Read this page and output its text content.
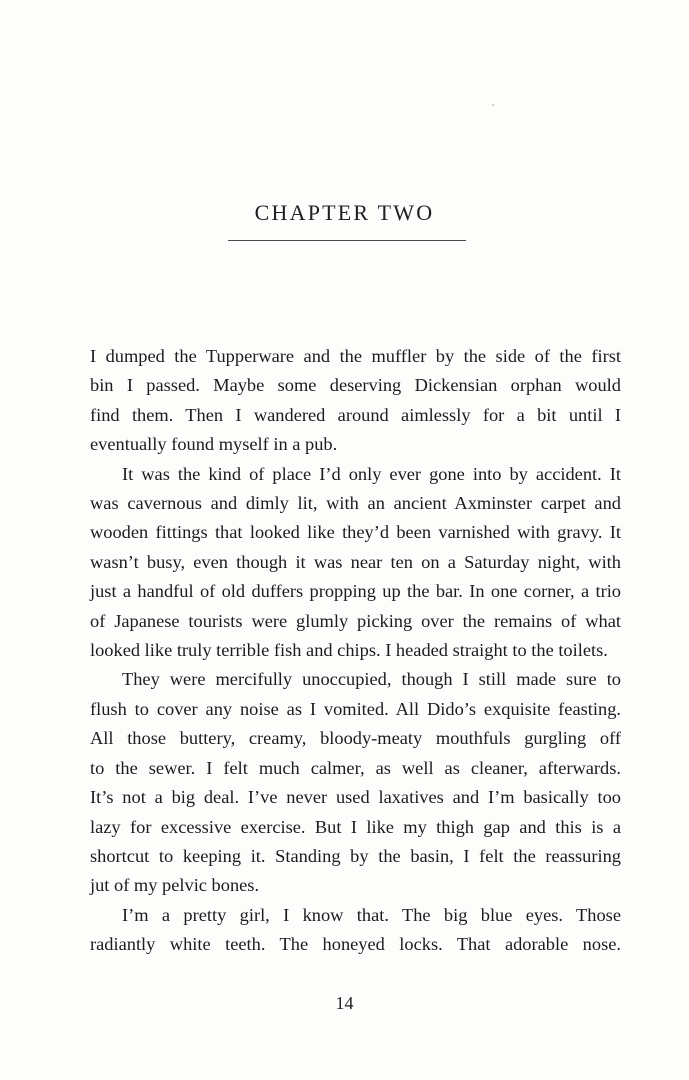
CHAPTER TWO
I dumped the Tupperware and the muffler by the side of the first
bin I passed. Maybe some deserving Dickensian orphan would
find them. Then I wandered around aimlessly for a bit until I
eventually found myself in a pub.
It was the kind of place I’d only ever gone into by accident. It
was cavernous and dimly lit, with an ancient Axminster carpet and
wooden fittings that looked like they’d been varnished with gravy. It
wasn’t busy, even though it was near ten on a Saturday night, with
just a handful of old duffers propping up the bar. In one corner, a trio
of Japanese tourists were glumly picking over the remains of what
looked like truly terrible fish and chips. I headed straight to the toilets.
They were mercifully unoccupied, though I still made sure to
flush to cover any noise as I vomited. All Dido’s exquisite feasting.
All those buttery, creamy, bloody-meaty mouthfuls gurgling off
to the sewer. I felt much calmer, as well as cleaner, afterwards.
It’s not a big deal. I’ve never used laxatives and I’m basically too
lazy for excessive exercise. But I like my thigh gap and this is a
shortcut to keeping it. Standing by the basin, I felt the reassuring
jut of my pelvic bones.
I’m a pretty girl, I know that. The big blue eyes. Those
radiantly white teeth. The honeyed locks. That adorable nose.
14
